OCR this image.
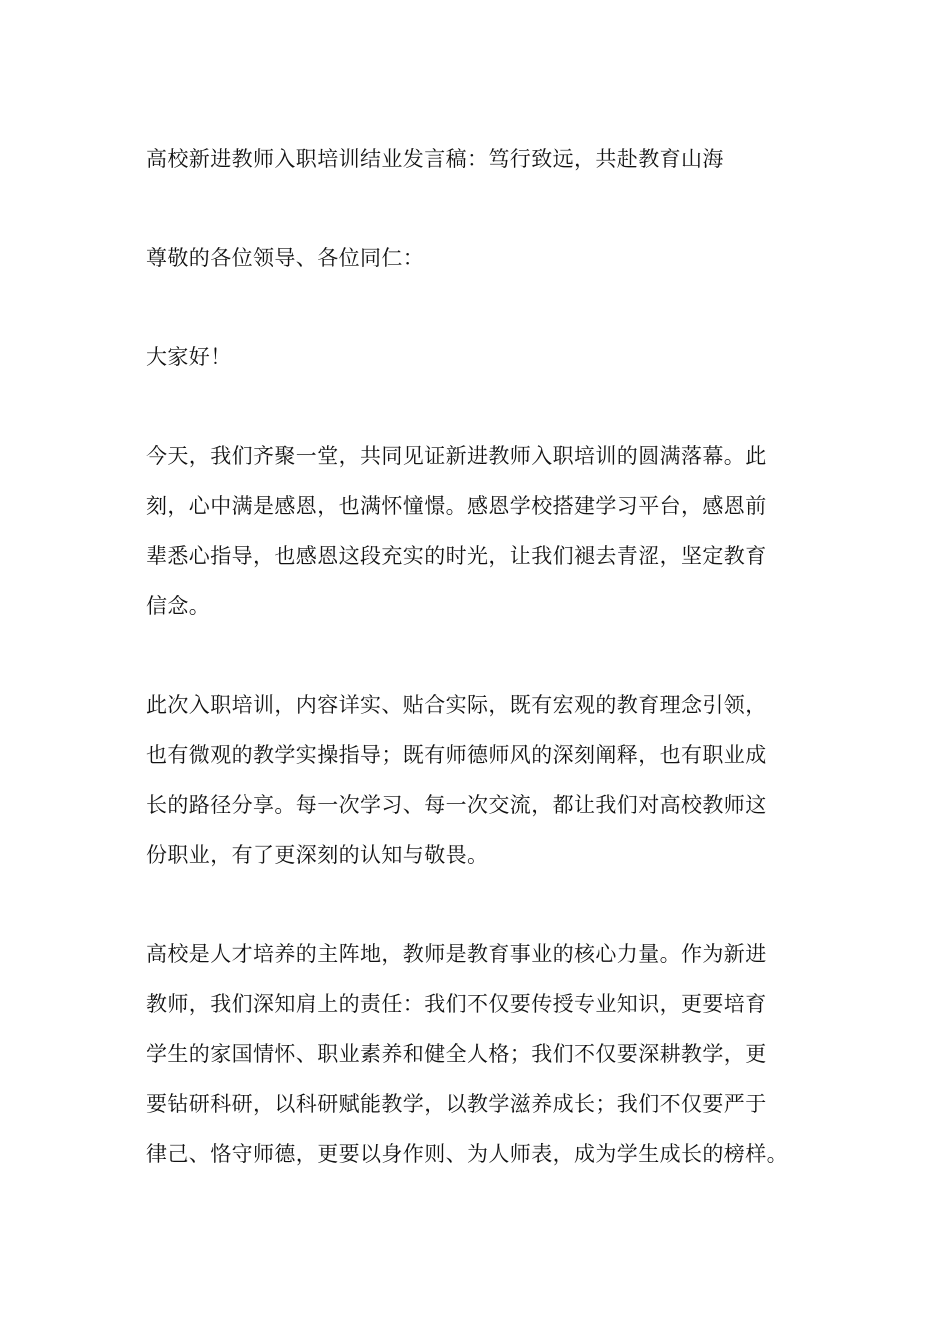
高校新进教师入职培训结业发言稿：笃行致远，共赴教育山海
尊敬的各位领导、各位同仁：
大家好！
今天，我们齐聚一堂，共同见证新进教师入职培训的圆满落幕。此
刻，心中满是感恩，也满怀憧憬。感恩学校搭建学习平台，感恩前
辈悉心指导，也感恩这段充实的时光，让我们褪去青涩，坚定教育
信念。
此次入职培训，内容详实、贴合实际，既有宏观的教育理念引领，
也有微观的教学实操指导；既有师德师风的深刻阐释，也有职业成
长的路径分享。每一次学习、每一次交流，都让我们对高校教师这
份职业，有了更深刻的认知与敬畏。
高校是人才培养的主阵地，教师是教育事业的核心力量。作为新进
教师，我们深知肩上的责任：我们不仅要传授专业知识，更要培育
学生的家国情怀、职业素养和健全人格；我们不仅要深耕教学，更
要钻研科研，以科研赋能教学，以教学滋养成长；我们不仅要严于
律己、恪守师德，更要以身作则、为人师表，成为学生成长的榜样。
